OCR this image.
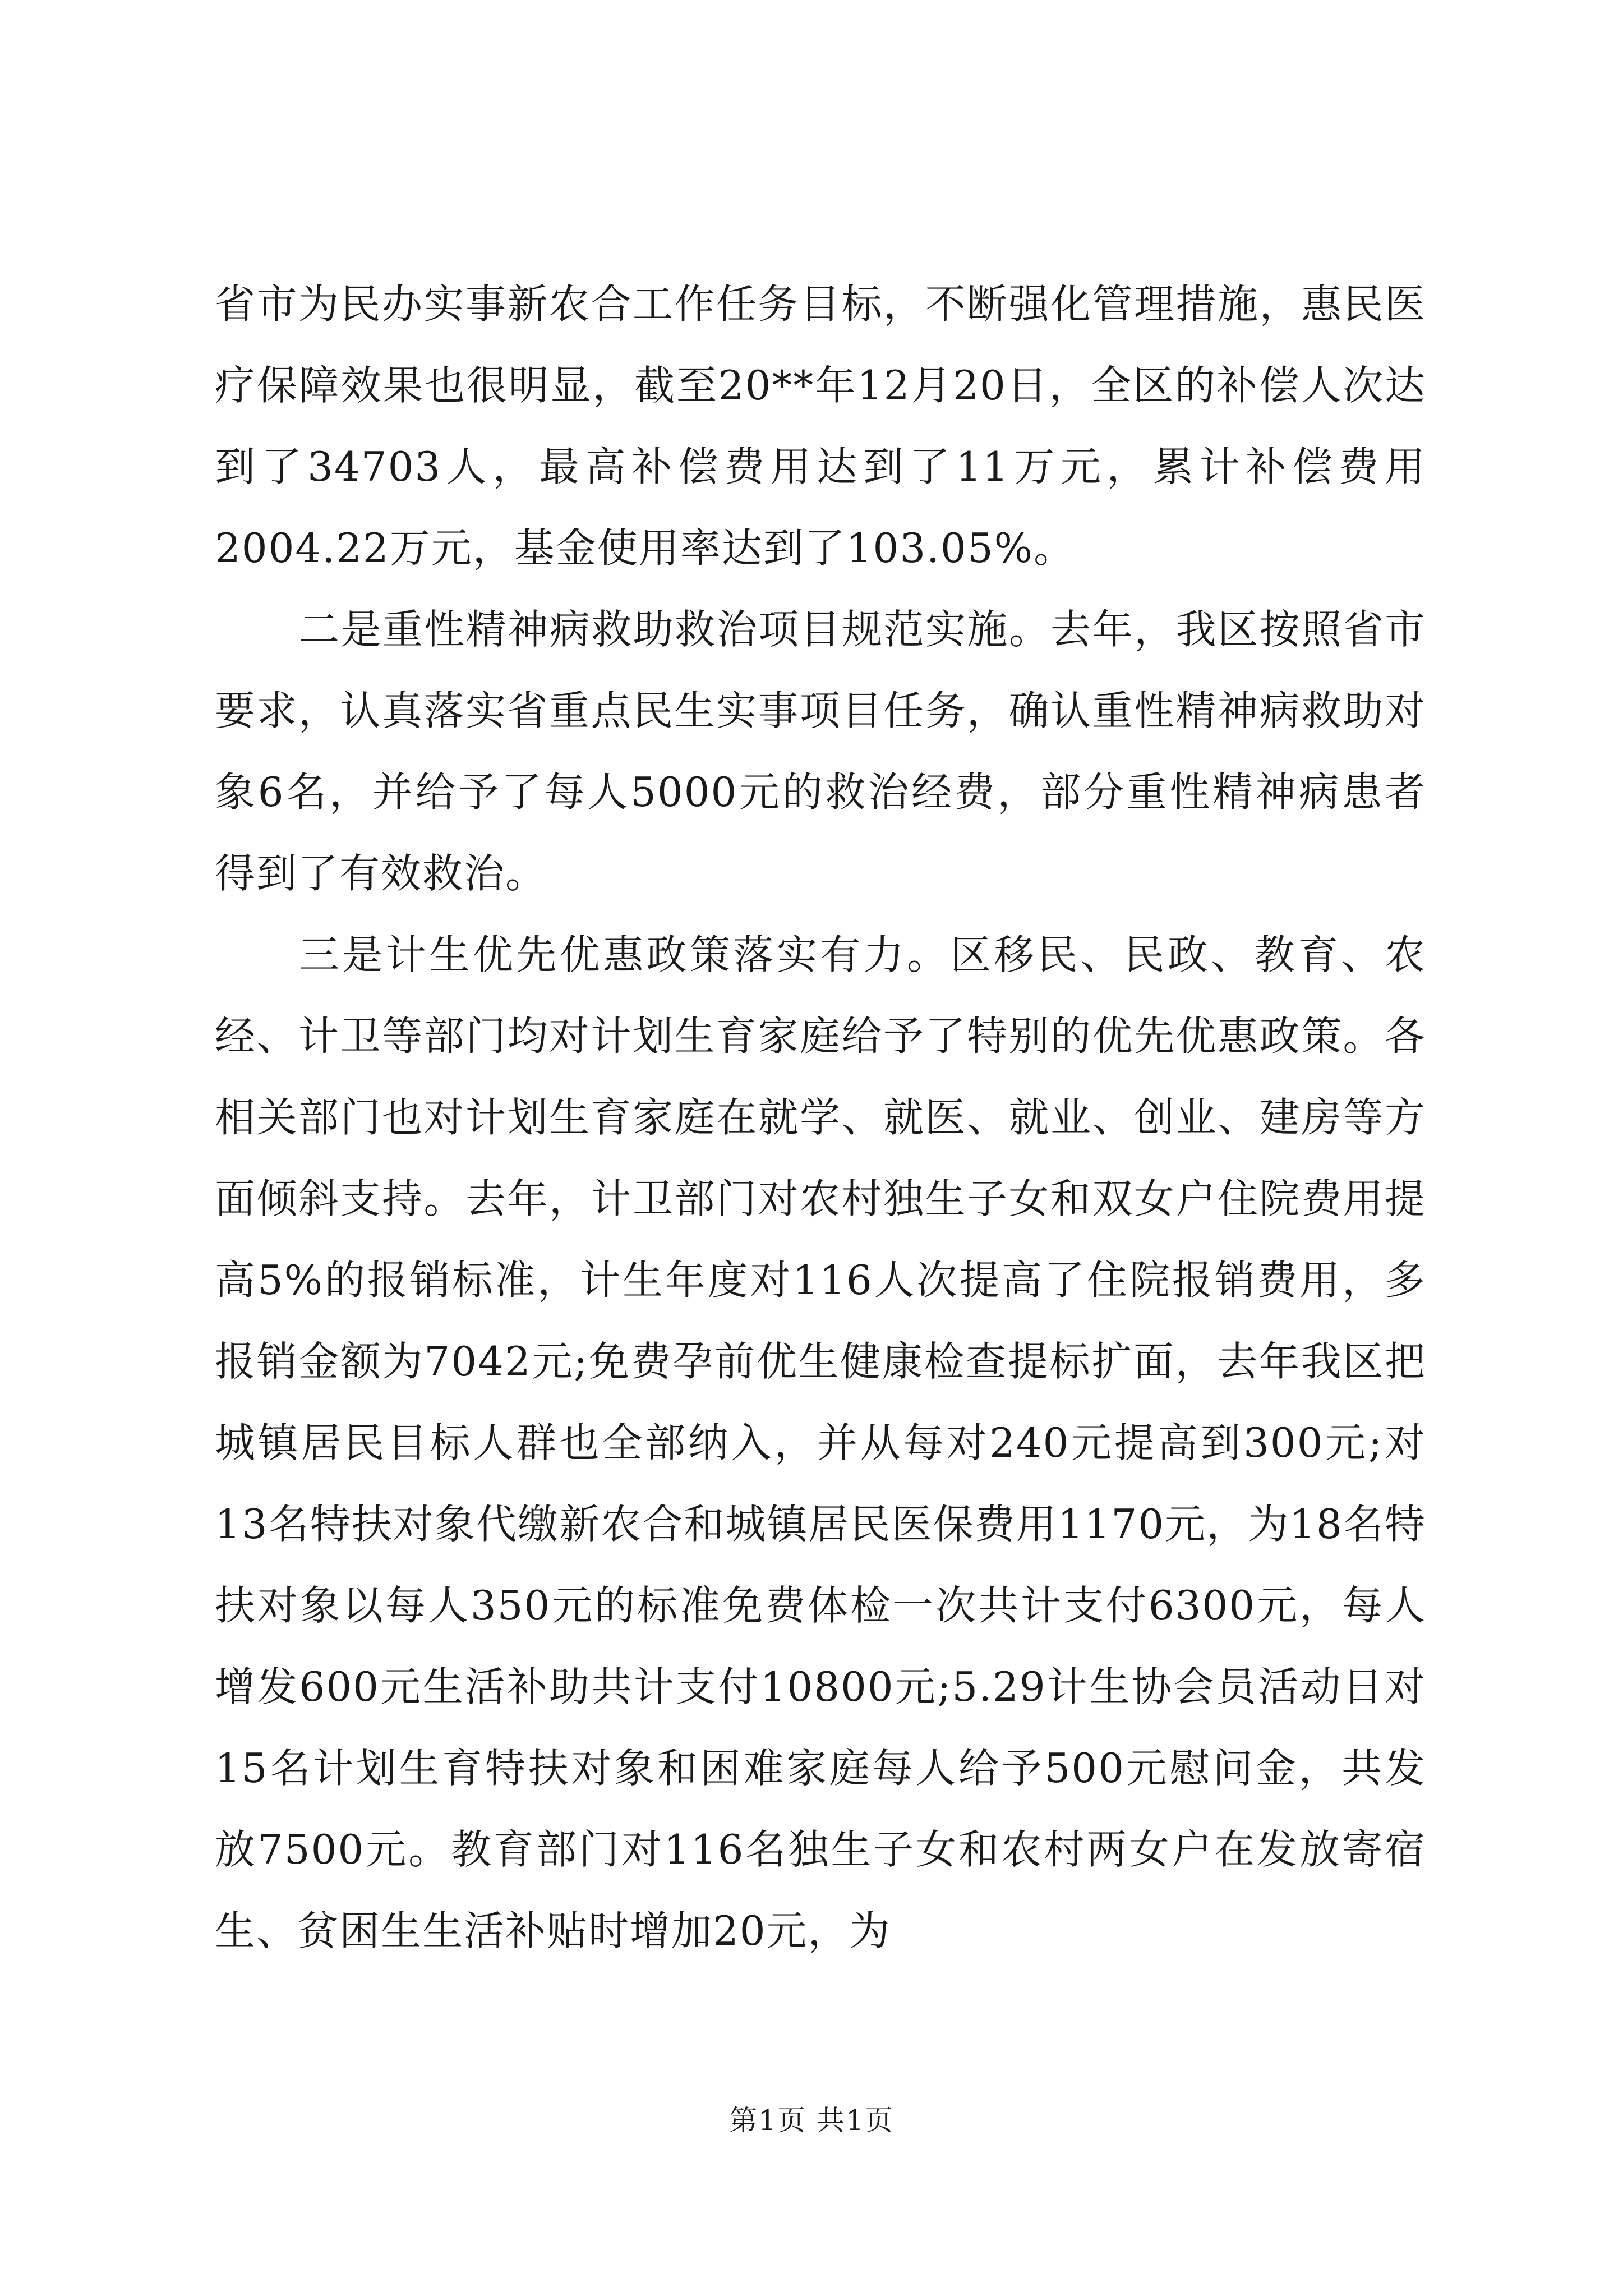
省市为民办实事新农合工作任务目标，不断强化管理措施，惠民医疗保障效果也很明显，截至20**年12月20日，全区的补偿人次达到了34703人，最高补偿费用达到了11万元，累计补偿费用2004.22万元，基金使用率达到了103.05%。

二是重性精神病救助救治项目规范实施。去年，我区按照省市要求，认真落实省重点民生实事项目任务，确认重性精神病救助对象6名，并给予了每人5000元的救治经费，部分重性精神病患者得到了有效救治。

三是计生优先优惠政策落实有力。区移民、民政、教育、农经、计卫等部门均对计划生育家庭给予了特别的优先优惠政策。各相关部门也对计划生育家庭在就学、就医、就业、创业、建房等方面倾斜支持。去年，计卫部门对农村独生子女和双女户住院费用提高5%的报销标准，计生年度对116人次提高了住院报销费用，多报销金额为7042元;免费孕前优生健康检查提标扩面，去年我区把城镇居民目标人群也全部纳入，并从每对240元提高到300元;对13名特扶对象代缴新农合和城镇居民医保费用1170元，为18名特扶对象以每人350元的标准免费体检一次共计支付6300元，每人增发600元生活补助共计支付10800元;5.29计生协会员活动日对15名计划生育特扶对象和困难家庭每人给予500元慰问金，共发放7500元。教育部门对116名独生子女和农村两女户在发放寄宿生、贫困生生活补贴时增加20元，为

第1页 共1页
